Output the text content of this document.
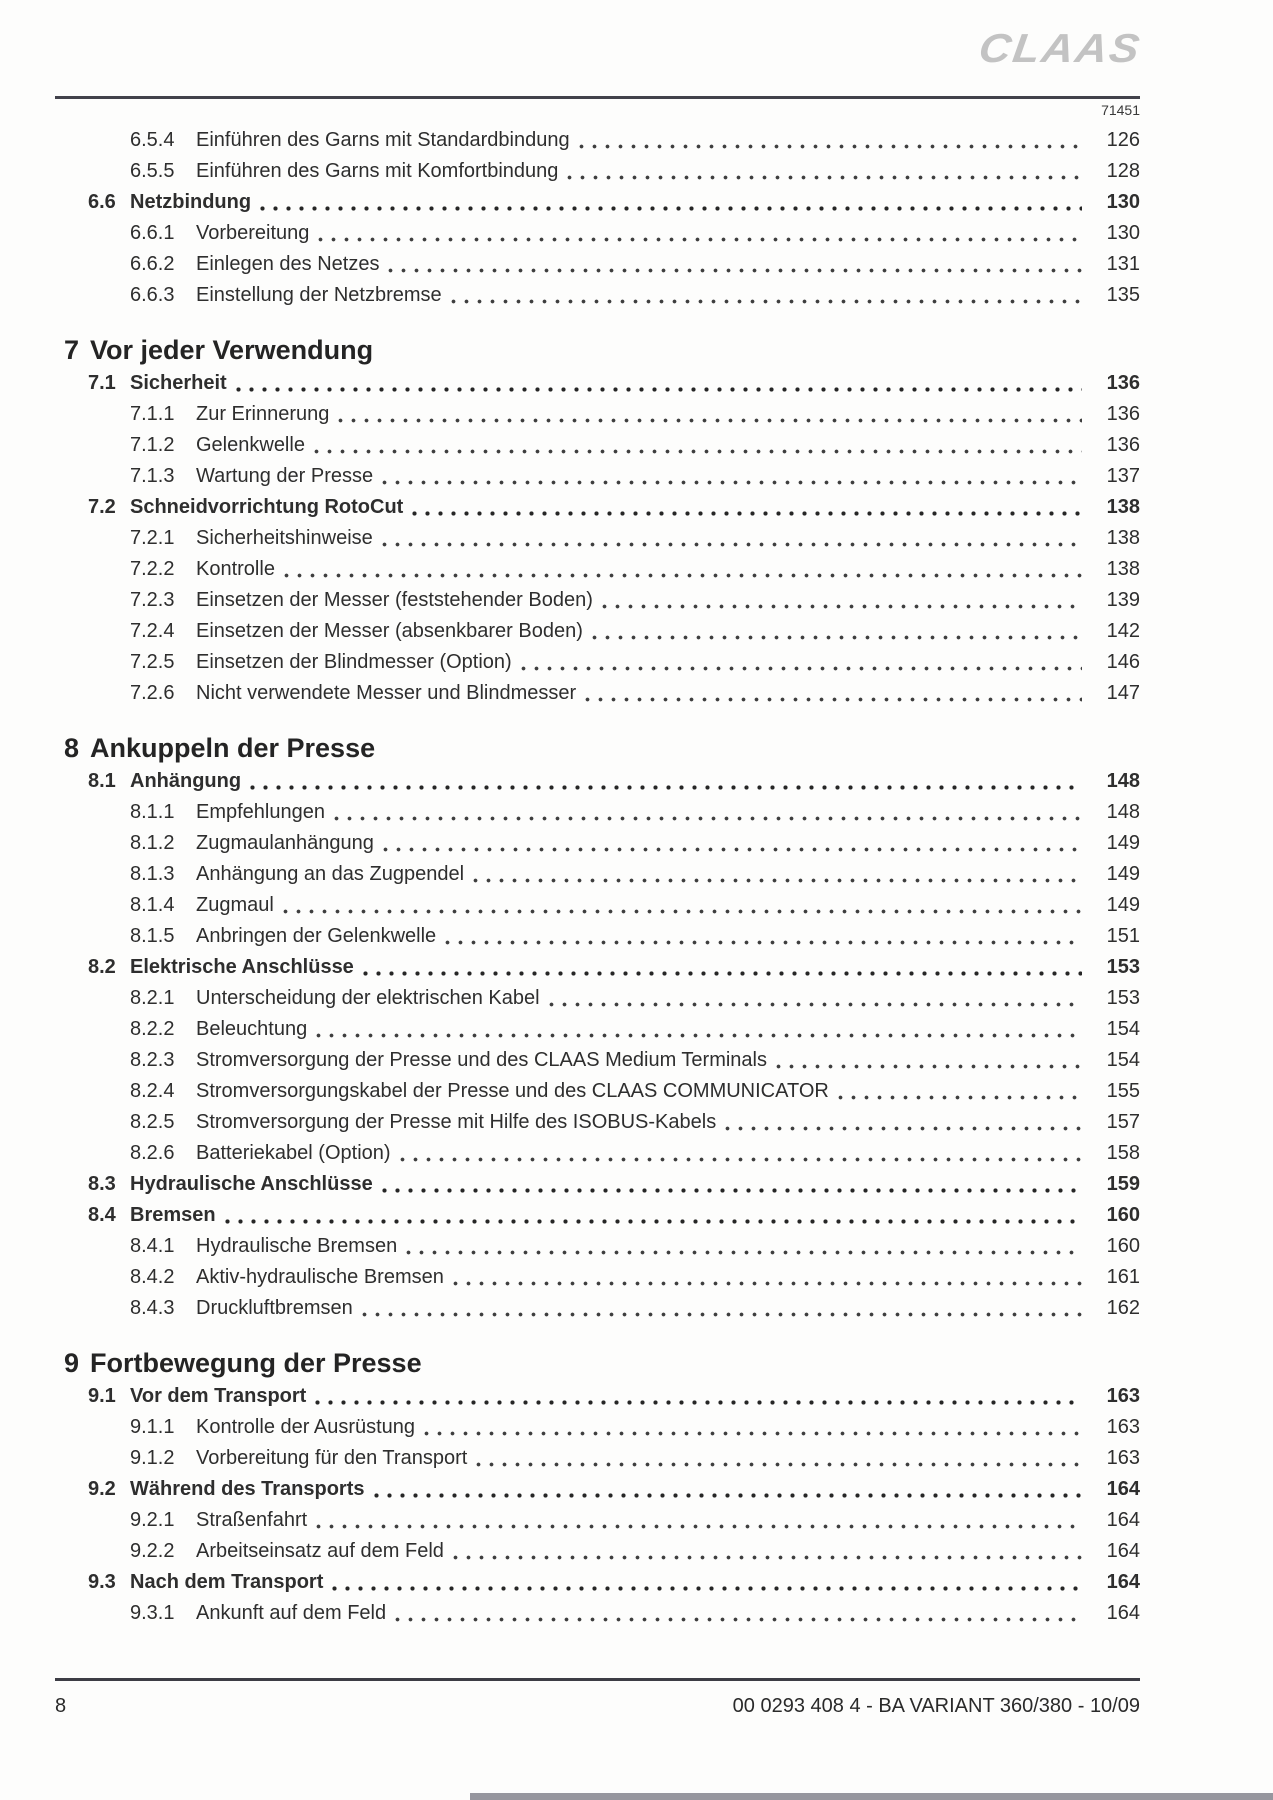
CLAAS
71451
6.5.4	Einführen des Garns mit Standardbindung	126
6.5.5	Einführen des Garns mit Komfortbindung	128
6.6 Netzbindung	130
6.6.1	Vorbereitung	130
6.6.2	Einlegen des Netzes	131
6.6.3	Einstellung der Netzbremse	135
7 Vor jeder Verwendung
7.1 Sicherheit	136
7.1.1	Zur Erinnerung	136
7.1.2	Gelenkwelle	136
7.1.3	Wartung der Presse	137
7.2 Schneidvorrichtung RotoCut	138
7.2.1	Sicherheitshinweise	138
7.2.2	Kontrolle	138
7.2.3	Einsetzen der Messer (feststehender Boden)	139
7.2.4	Einsetzen der Messer (absenkbarer Boden)	142
7.2.5	Einsetzen der Blindmesser (Option)	146
7.2.6	Nicht verwendete Messer und Blindmesser	147
8 Ankuppeln der Presse
8.1 Anhängung	148
8.1.1	Empfehlungen	148
8.1.2	Zugmaulanhängung	149
8.1.3	Anhängung an das Zugpendel	149
8.1.4	Zugmaul	149
8.1.5	Anbringen der Gelenkwelle	151
8.2 Elektrische Anschlüsse	153
8.2.1	Unterscheidung der elektrischen Kabel	153
8.2.2	Beleuchtung	154
8.2.3	Stromversorgung der Presse und des CLAAS Medium Terminals	154
8.2.4	Stromversorgungskabel der Presse und des CLAAS COMMUNICATOR	155
8.2.5	Stromversorgung der Presse mit Hilfe des ISOBUS-Kabels	157
8.2.6	Batteriekabel (Option)	158
8.3 Hydraulische Anschlüsse	159
8.4 Bremsen	160
8.4.1	Hydraulische Bremsen	160
8.4.2	Aktiv-hydraulische Bremsen	161
8.4.3	Druckluftbremsen	162
9 Fortbewegung der Presse
9.1 Vor dem Transport	163
9.1.1	Kontrolle der Ausrüstung	163
9.1.2	Vorbereitung für den Transport	163
9.2 Während des Transports	164
9.2.1	Straßenfahrt	164
9.2.2	Arbeitseinsatz auf dem Feld	164
9.3 Nach dem Transport	164
9.3.1	Ankunft auf dem Feld	164
8	00 0293 408 4 - BA VARIANT 360/380 - 10/09
